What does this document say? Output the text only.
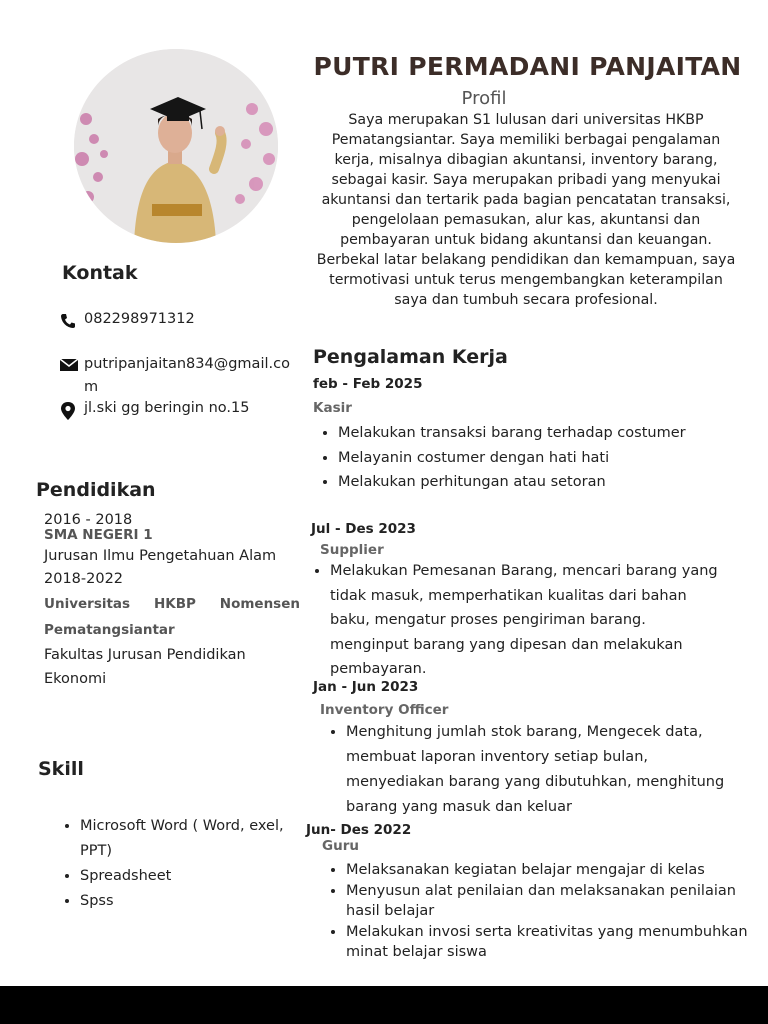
PUTRI PERMADANI PANJAITAN
Profil
Saya merupakan S1 lulusan dari universitas HKBP Pematangsiantar. Saya memiliki berbagai pengalaman kerja, misalnya dibagian akuntansi, inventory barang, sebagai kasir. Saya merupakan pribadi yang menyukai akuntansi dan tertarik pada bagian pencatatan transaksi, pengelolaan pemasukan, alur kas, akuntansi dan pembayaran untuk bidang akuntansi dan keuangan. Berbekal latar belakang pendidikan dan kemampuan, saya termotivasi untuk terus mengembangkan keterampilan saya dan tumbuh secara profesional.
Kontak
082298971312
putripanjaitan834@gmail.com
jl.ski gg beringin no.15
Pendidikan
2016 - 2018
SMA NEGERI 1
Jurusan Ilmu Pengetahuan Alam
2018-2022
Universitas HKBP Nomensen Pematangsiantar
Fakultas Jurusan Pendidikan Ekonomi
Skill
• Microsoft Word ( Word, exel, PPT)
• Spreadsheet
• Spss
Pengalaman Kerja
feb - Feb 2025
Kasir
• Melakukan transaksi barang terhadap costumer
• Melayanin costumer dengan hati hati
• Melakukan perhitungan atau setoran
Jul - Des 2023
Supplier
• Melakukan Pemesanan Barang, mencari barang yang tidak masuk, memperhatikan kualitas dari bahan baku, mengatur proses pengiriman barang. menginput barang yang dipesan dan melakukan pembayaran.
Jan - Jun 2023
Inventory Officer
• Menghitung jumlah stok barang, Mengecek data, membuat laporan inventory setiap bulan, menyediakan barang yang dibutuhkan, menghitung barang yang masuk dan keluar
Jun- Des 2022
Guru
• Melaksanakan kegiatan belajar mengajar di kelas
• Menyusun alat penilaian dan melaksanakan penilaian hasil belajar
• Melakukan invosi serta kreativitas yang menumbuhkan minat belajar siswa
